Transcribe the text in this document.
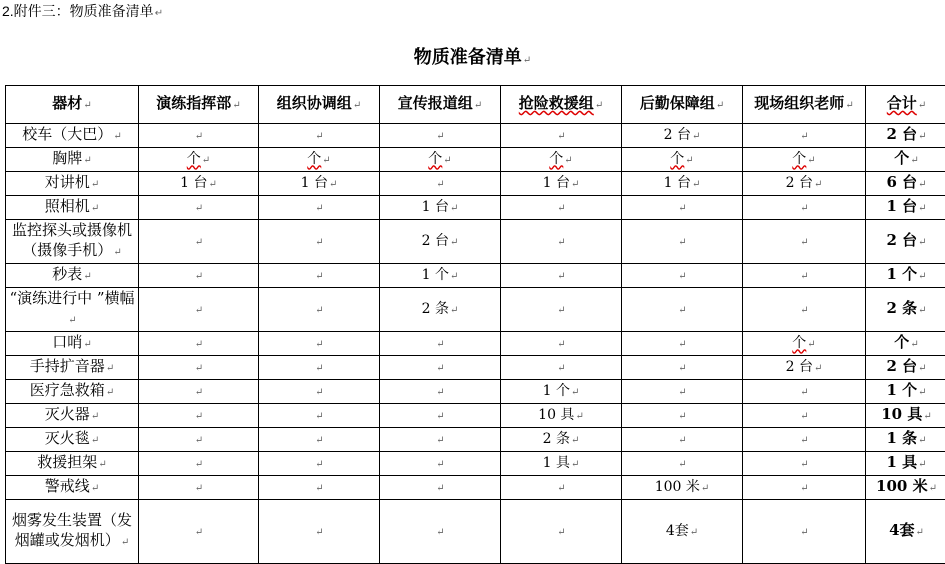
2.附件三：物质准备清单↵
物质准备清单↵
器材↵	演练指挥部↵	组织协调组↵	宣传报道组↵	抢险救援组↵	后勤保障组↵	现场组织老师↵	合计↵
校车（大巴）↵	↵	↵	↵	↵	2 台↵	↵	2 台↵
胸牌↵	个↵	个↵	个↵	个↵	个↵	个↵	个↵
对讲机↵	1 台↵	1 台↵	↵	1 台↵	1 台↵	2 台↵	6 台↵
照相机↵	↵	↵	1 台↵	↵	↵	↵	1 台↵
监控探头或摄像机（摄像手机）↵	↵	↵	2 台↵	↵	↵	↵	2 台↵
秒表↵	↵	↵	1 个↵	↵	↵	↵	1 个↵
“演练进行中 ”横幅↵	↵	↵	2 条↵	↵	↵	↵	2 条↵
口哨↵	↵	↵	↵	↵	↵	个↵	个↵
手持扩音器↵	↵	↵	↵	↵	↵	2 台↵	2 台↵
医疗急救箱↵	↵	↵	↵	1 个↵	↵	↵	1 个↵
灭火器↵	↵	↵	↵	10 具↵	↵	↵	10 具↵
灭火毯↵	↵	↵	↵	2 条↵	↵	↵	1 条↵
救援担架↵	↵	↵	↵	1 具↵	↵	↵	1 具↵
警戒线↵	↵	↵	↵	↵	100 米↵	↵	100 米↵
烟雾发生装置（发烟罐或发烟机）↵	↵	↵	↵	↵	4套↵	↵	4套↵
